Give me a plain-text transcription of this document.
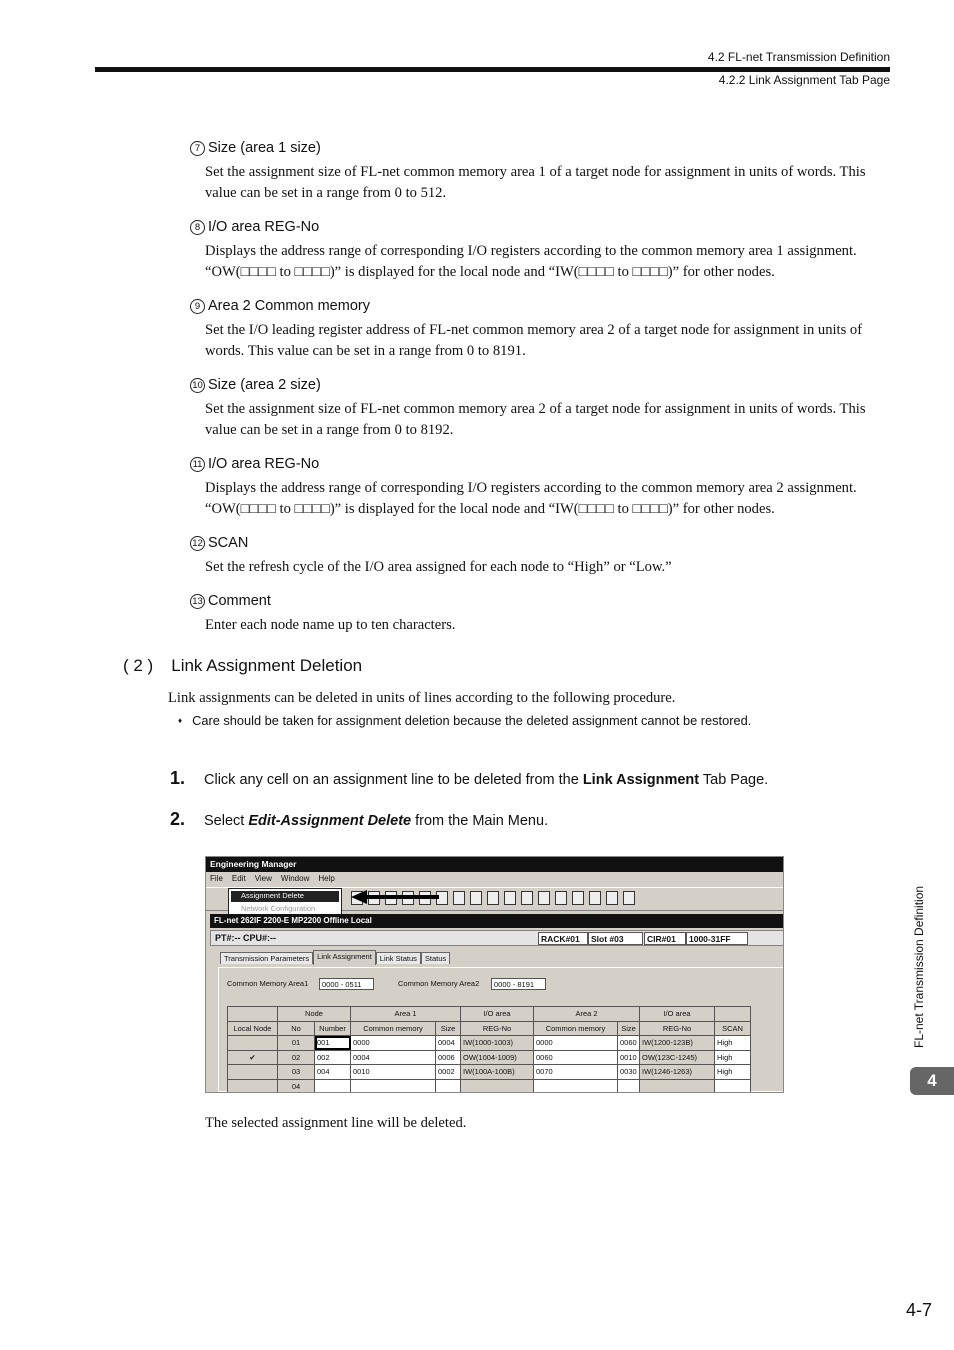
4.2 FL-net Transmission Definition
4.2.2 Link Assignment Tab Page
7 Size (area 1 size)
Set the assignment size of FL-net common memory area 1 of a target node for assignment in units of words. This
value can be set in a range from 0 to 512.
8 I/O area REG-No
Displays the address range of corresponding I/O registers according to the common memory area 1 assignment.
“OW(□□□□ to □□□□)” is displayed for the local node and “IW(□□□□ to □□□□)” for other nodes.
9 Area 2 Common memory
Set the I/O leading register address of FL-net common memory area 2 of a target node for assignment in units of
words. This value can be set in a range from 0 to 8191.
10 Size (area 2 size)
Set the assignment size of FL-net common memory area 2 of a target node for assignment in units of words. This
value can be set in a range from 0 to 8192.
11 I/O area REG-No
Displays the address range of corresponding I/O registers according to the common memory area 2 assignment.
“OW(□□□□ to □□□□)” is displayed for the local node and “IW(□□□□ to □□□□)” for other nodes.
12 SCAN
Set the refresh cycle of the I/O area assigned for each node to “High” or “Low.”
13 Comment
Enter each node name up to ten characters.
( 2 ) Link Assignment Deletion
Link assignments can be deleted in units of lines according to the following procedure.
♦ Care should be taken for assignment deletion because the deleted assignment cannot be restored.
1. Click any cell on an assignment line to be deleted from the Link Assignment Tab Page.
2. Select Edit-Assignment Delete from the Main Menu.
Engineering Manager
File Edit View Window Help
Assignment Delete
Network Configuration
FL-net 262IF 2200-E MP2200 Offline Local
PT#:-- CPU#:--	RACK#01	Slot #03	CIR#01	1000-31FF
Transmission Parameters Link Assignment Link Status Status
Common Memory Area1	0000 - 0511	Common Memory Area2	0000 - 8191
	Node		Area 1		I/O area	Area 2		I/O area	
Local Node	No	Number	Common memory	Size	REG-No	Common memory	Size	REG-No	SCAN
	01	001	0000	0004	IW(1000-1003)	0000	0060	IW(1200-123B)	High
✔	02	002	0004	0006	OW(1004-1009)	0060	0010	OW(123C-1245)	High
	03	004	0010	0002	IW(100A-100B)	0070	0030	IW(1246-1263)	High
	04								
The selected assignment line will be deleted.
FL-net Transmission Definition
4
4-7
